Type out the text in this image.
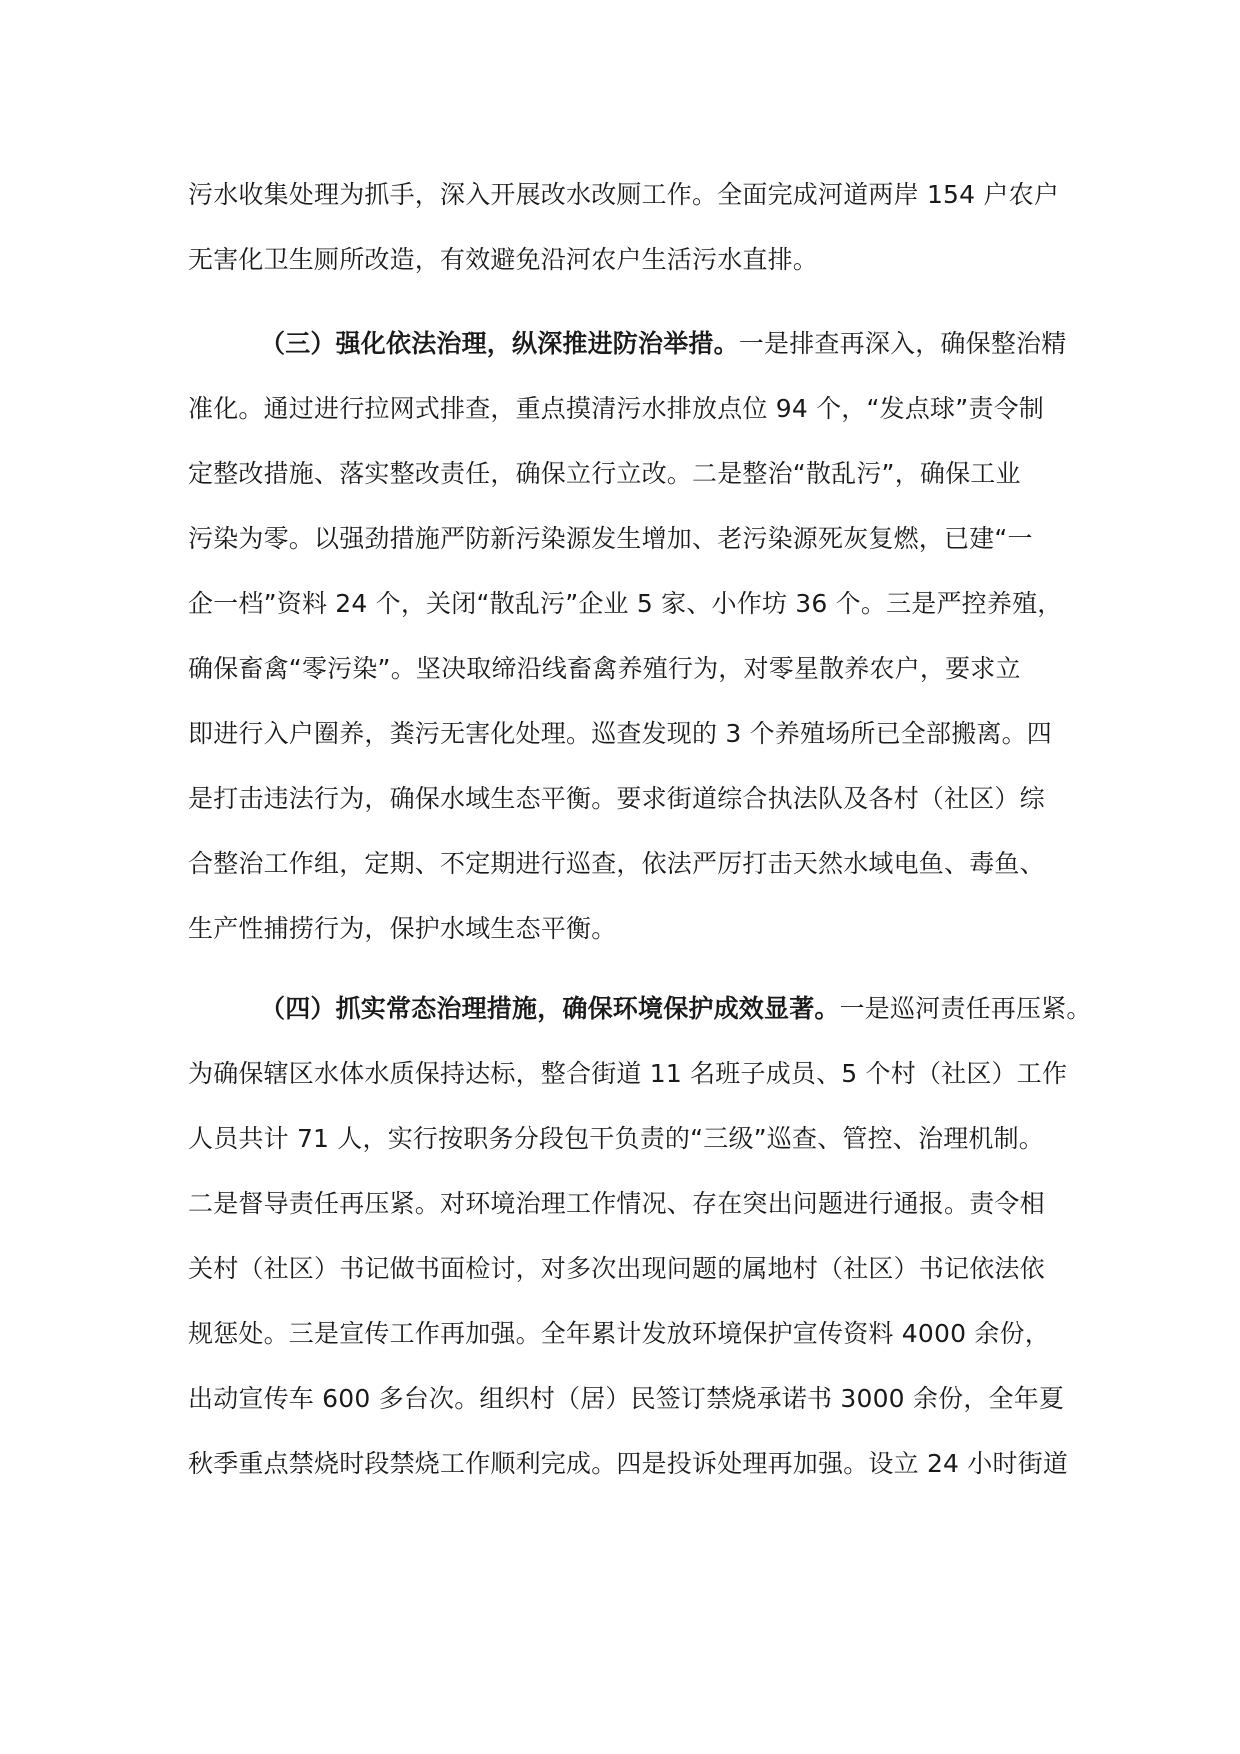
污水收集处理为抓手，深入开展改水改厕工作。全面完成河道两岸 154 户农户
无害化卫生厕所改造，有效避免沿河农户生活污水直排。
（三）强化依法治理，纵深推进防治举措。一是排查再深入，确保整治精
准化。通过进行拉网式排查，重点摸清污水排放点位 94 个，“发点球”责令制
定整改措施、落实整改责任，确保立行立改。二是整治“散乱污”，确保工业
污染为零。以强劲措施严防新污染源发生增加、老污染源死灰复燃，已建“一
企一档”资料 24 个，关闭“散乱污”企业 5 家、小作坊 36 个。三是严控养殖，
确保畜禽“零污染”。坚决取缔沿线畜禽养殖行为，对零星散养农户，要求立
即进行入户圈养，粪污无害化处理。巡查发现的 3 个养殖场所已全部搬离。四
是打击违法行为，确保水域生态平衡。要求街道综合执法队及各村（社区）综
合整治工作组，定期、不定期进行巡查，依法严厉打击天然水域电鱼、毒鱼、
生产性捕捞行为，保护水域生态平衡。
（四）抓实常态治理措施，确保环境保护成效显著。一是巡河责任再压紧。
为确保辖区水体水质保持达标，整合街道 11 名班子成员、5 个村（社区）工作
人员共计 71 人，实行按职务分段包干负责的“三级”巡查、管控、治理机制。
二是督导责任再压紧。对环境治理工作情况、存在突出问题进行通报。责令相
关村（社区）书记做书面检讨，对多次出现问题的属地村（社区）书记依法依
规惩处。三是宣传工作再加强。全年累计发放环境保护宣传资料 4000 余份，
出动宣传车 600 多台次。组织村（居）民签订禁烧承诺书 3000 余份，全年夏
秋季重点禁烧时段禁烧工作顺利完成。四是投诉处理再加强。设立 24 小时街道
